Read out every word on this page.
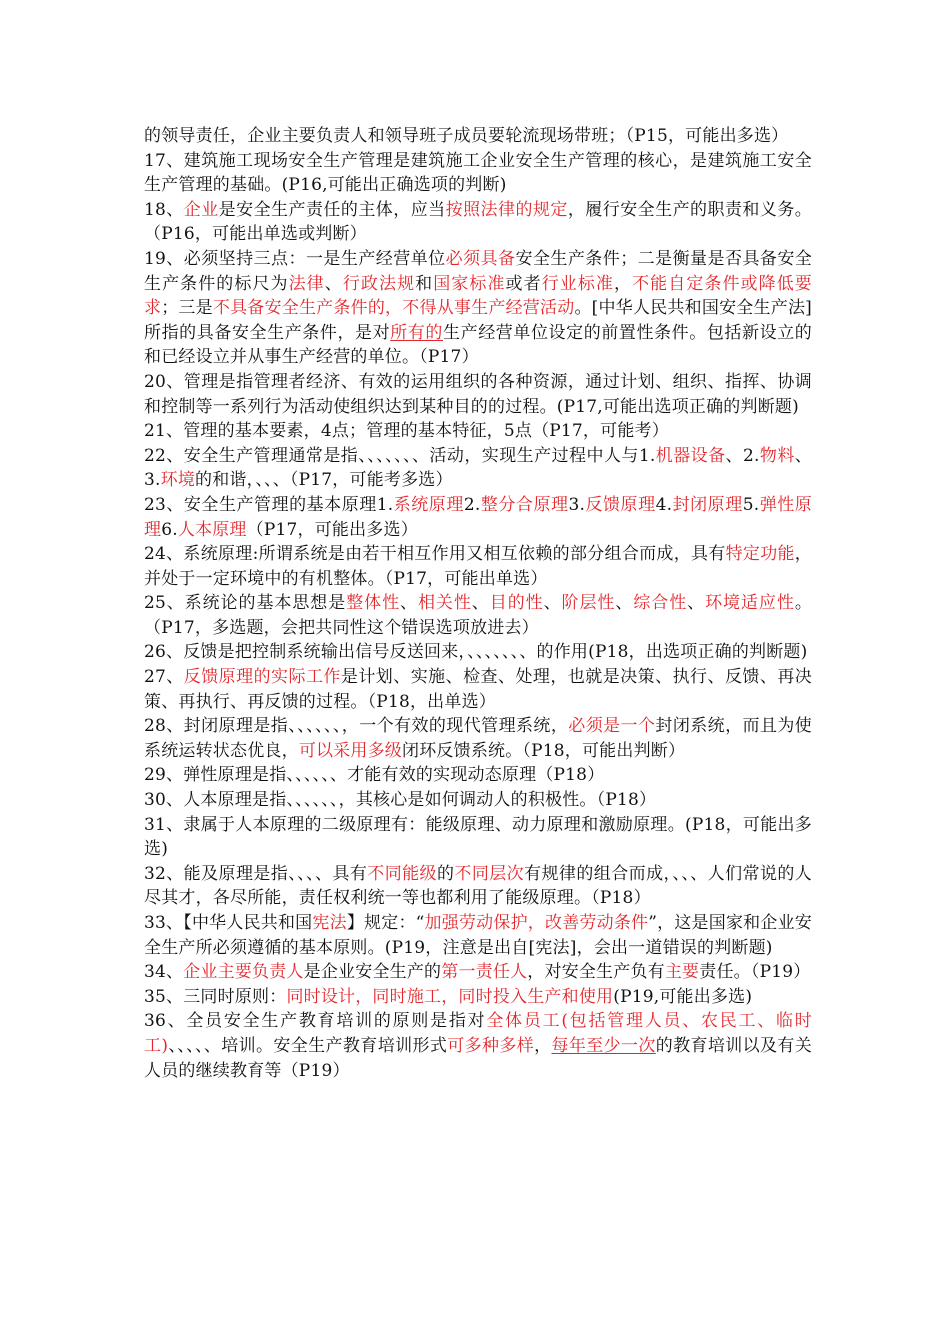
的领导责任，企业主要负责人和领导班子成员要轮流现场带班；（P15，可能出多选）

17、建筑施工现场安全生产管理是建筑施工企业安全生产管理的核心，是建筑施工安全生产管理的基础。(P16,可能出正确选项的判断)

18、企业是安全生产责任的主体，应当按照法律的规定，履行安全生产的职责和义务。（P16，可能出单选或判断）

19、必须坚持三点：一是生产经营单位必须具备安全生产条件；二是衡量是否具备安全生产条件的标尺为法律、行政法规和国家标准或者行业标准，不能自定条件或降低要求；三是不具备安全生产条件的，不得从事生产经营活动。[中华人民共和国安全生产法]所指的具备安全生产条件，是对所有的生产经营单位设定的前置性条件。包括新设立的和已经设立并从事生产经营的单位。（P17）

20、管理是指管理者经济、有效的运用组织的各种资源，通过计划、组织、指挥、协调和控制等一系列行为活动使组织达到某种目的的过程。(P17,可能出选项正确的判断题)

21、管理的基本要素，4点；管理的基本特征，5点（P17，可能考）

22、安全生产管理通常是指、、、、、、、活动，实现生产过程中人与1.机器设备、2.物料、3.环境的和谐，、、、（P17，可能考多选）

23、安全生产管理的基本原理1.系统原理2.整分合原理3.反馈原理4.封闭原理5.弹性原理6.人本原理（P17，可能出多选）

24、系统原理:所谓系统是由若干相互作用又相互依赖的部分组合而成，具有特定功能，并处于一定环境中的有机整体。（P17，可能出单选）

25、系统论的基本思想是整体性、相关性、目的性、阶层性、综合性、环境适应性。（P17，多选题，会把共同性这个错误选项放进去）

26、反馈是把控制系统输出信号反送回来，、、、、、、、的作用(P18，出选项正确的判断题)

27、反馈原理的实际工作是计划、实施、检查、处理，也就是决策、执行、反馈、再决策、再执行、再反馈的过程。（P18，出单选）

28、封闭原理是指、、、、、、，一个有效的现代管理系统，必须是一个封闭系统，而且为使系统运转状态优良，可以采用多级闭环反馈系统。（P18，可能出判断）

29、弹性原理是指、、、、、、才能有效的实现动态原理（P18）

30、人本原理是指、、、、、、，其核心是如何调动人的积极性。（P18）

31、隶属于人本原理的二级原理有：能级原理、动力原理和激励原理。(P18，可能出多选)

32、能及原理是指、、、、具有不同能级的不同层次有规律的组合而成，、、、人们常说的人尽其才，各尽所能，责任权利统一等也都利用了能级原理。（P18）

33、【中华人民共和国宪法】规定：“加强劳动保护，改善劳动条件”，这是国家和企业安全生产所必须遵循的基本原则。(P19，注意是出自[宪法]，会出一道错误的判断题)

34、企业主要负责人是企业安全生产的第一责任人，对安全生产负有主要责任。（P19）

35、三同时原则：同时设计，同时施工，同时投入生产和使用(P19,可能出多选)

36、全员安全生产教育培训的原则是指对全体员工(包括管理人员、农民工、临时工)、、、、、培训。安全生产教育培训形式可多种多样，每年至少一次的教育培训以及有关人员的继续教育等（P19）
